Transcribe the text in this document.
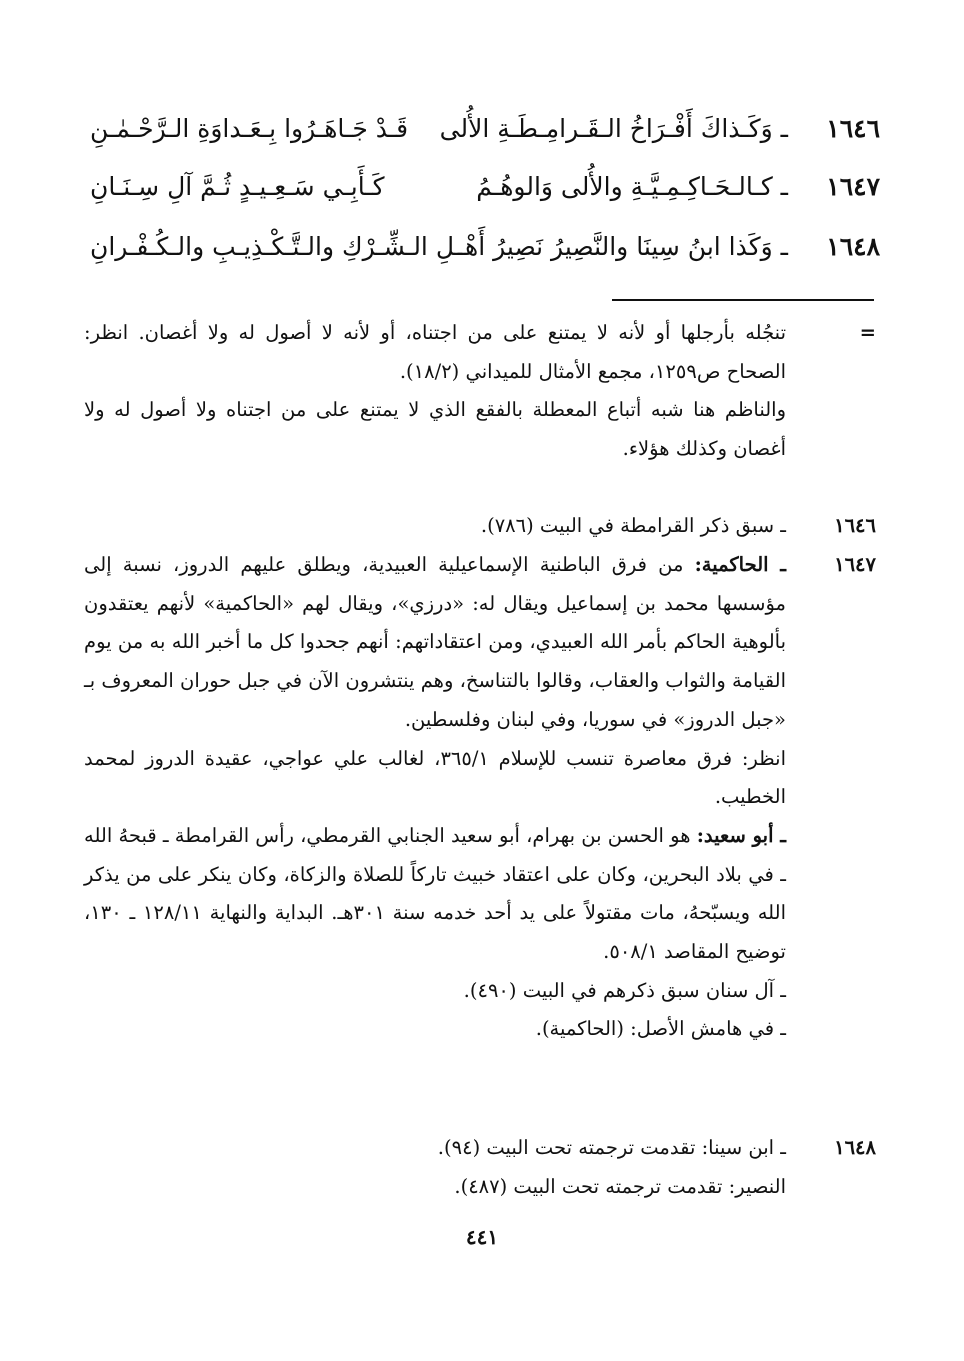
١٦٤٦
ـ وَكَـذاكَ أَفْـرَاخُ الـقَـرامِـطَـةِ الأُلى
قَـدْ جَـاهَـرُوا بِـعَـداوَةِ الـرَّحْـمٰـنِ
١٦٤٧
ـ كـالـحَـاكِـمِـيَّـةِ والأُلى وَالوهُـمُ
كَـأَبِـي سَـعِـيـدٍ ثُـمَّ آلِ سِـنَـانِ
١٦٤٨
ـ وَكَذا ابنُ سِينَا والنَّصِيرُ نَصِيرُ أَهْـ
ـلِ الـشِّـرْكِ والـتَّـكْـذِيـبِ والـكُـفْـرانِ
=
تنجُله بأرجلها أو لأنه لا يمتنع على من اجتناه، أو لأنه لا أصول له ولا أغصان. انظر: الصحاح ص١٢٥٩، مجمع الأمثال للميداني (١٨/٢).
والناظم هنا شبه أتباع المعطلة بالفقع الذي لا يمتنع على من اجتناه ولا أصول له ولا أغصان وكذلك هؤلاء.
١٦٤٦
ـ سبق ذكر القرامطة في البيت (٧٨٦).
١٦٤٧
ـ الحاكمية: من فرق الباطنية الإسماعيلية العبيدية، ويطلق عليهم الدروز، نسبة إلى مؤسسها محمد بن إسماعيل ويقال له: «درزي»، ويقال لهم «الحاكمية» لأنهم يعتقدون بألوهية الحاكم بأمر الله العبيدي، ومن اعتقاداتهم: أنهم جحدوا كل ما أخبر الله به من يوم القيامة والثواب والعقاب، وقالوا بالتناسخ، وهم ينتشرون الآن في جبل حوران المعروف بـ «جبل الدروز» في سوريا، وفي لبنان وفلسطين.
انظر: فرق معاصرة تنسب للإسلام ٣٦٥/١، لغالب علي عواجي، عقيدة الدروز لمحمد الخطيب.
ـ أبو سعيد: هو الحسن بن بهرام، أبو سعيد الجنابي القرمطي، رأس القرامطة ـ قبحهُ الله ـ في بلاد البحرين، وكان على اعتقاد خبيث تاركاً للصلاة والزكاة، وكان ينكر على من يذكر الله ويسبّحهُ، مات مقتولاً على يد أحد خدمه سنة ٣٠١هـ. البداية والنهاية ١٢٨/١١ ـ ١٣٠، توضيح المقاصد ٥٠٨/١.
ـ آل سنان سبق ذكرهم في البيت (٤٩٠).
ـ في هامش الأصل: (الحاكمية).
١٦٤٨
ـ ابن سينا: تقدمت ترجمته تحت البيت (٩٤).
النصير: تقدمت ترجمته تحت البيت (٤٨٧).
٤٤١
